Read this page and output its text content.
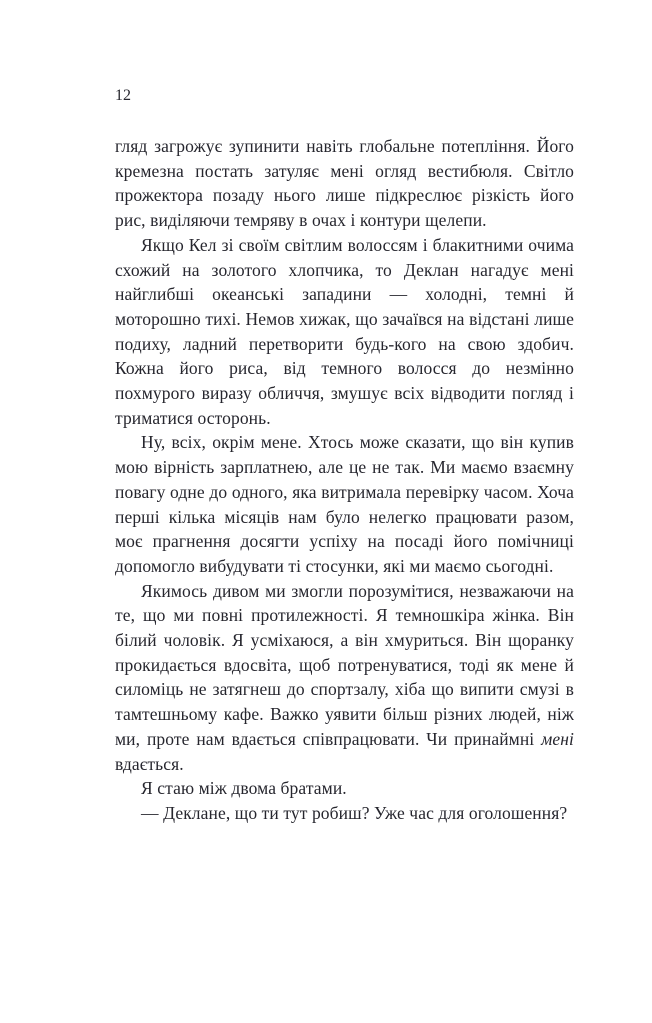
12

гляд загрожує зупинити навіть глобальне потепління. Його кремезна постать затуляє мені огляд вестибюля. Світло прожектора позаду нього лише підкреслює різкість його рис, виділяючи темряву в очах і контури щелепи.

Якщо Кел зі своїм світлим волоссям і блакитними очима схожий на золотого хлопчика, то Деклан нагадує мені найглибші океанські западини — холодні, темні й моторошно тихі. Немов хижак, що зачаївся на відстані лише подиху, ладний перетворити будь-кого на свою здобич. Кожна його риса, від темного волосся до незмінно похмурого виразу обличчя, змушує всіх відводити погляд і триматися осторонь.

Ну, всіх, окрім мене. Хтось може сказати, що він купив мою вірність зарплатнею, але це не так. Ми маємо взаємну повагу одне до одного, яка витримала перевірку часом. Хоча перші кілька місяців нам було нелегко працювати разом, моє прагнення досягти успіху на посаді його помічниці допомогло вибудувати ті стосунки, які ми маємо сьогодні.

Якимось дивом ми змогли порозумітися, незважаючи на те, що ми повні протилежності. Я темношкіра жінка. Він білий чоловік. Я усміхаюся, а він хмуриться. Він щоранку прокидається вдосвіта, щоб потренуватися, тоді як мене й силоміць не затягнеш до спортзалу, хіба що випити смузі в тамтешньому кафе. Важко уявити більш різних людей, ніж ми, проте нам вдається співпрацювати. Чи принаймні мені вдається.

Я стаю між двома братами.

— Деклане, що ти тут робиш? Уже час для оголошення?
